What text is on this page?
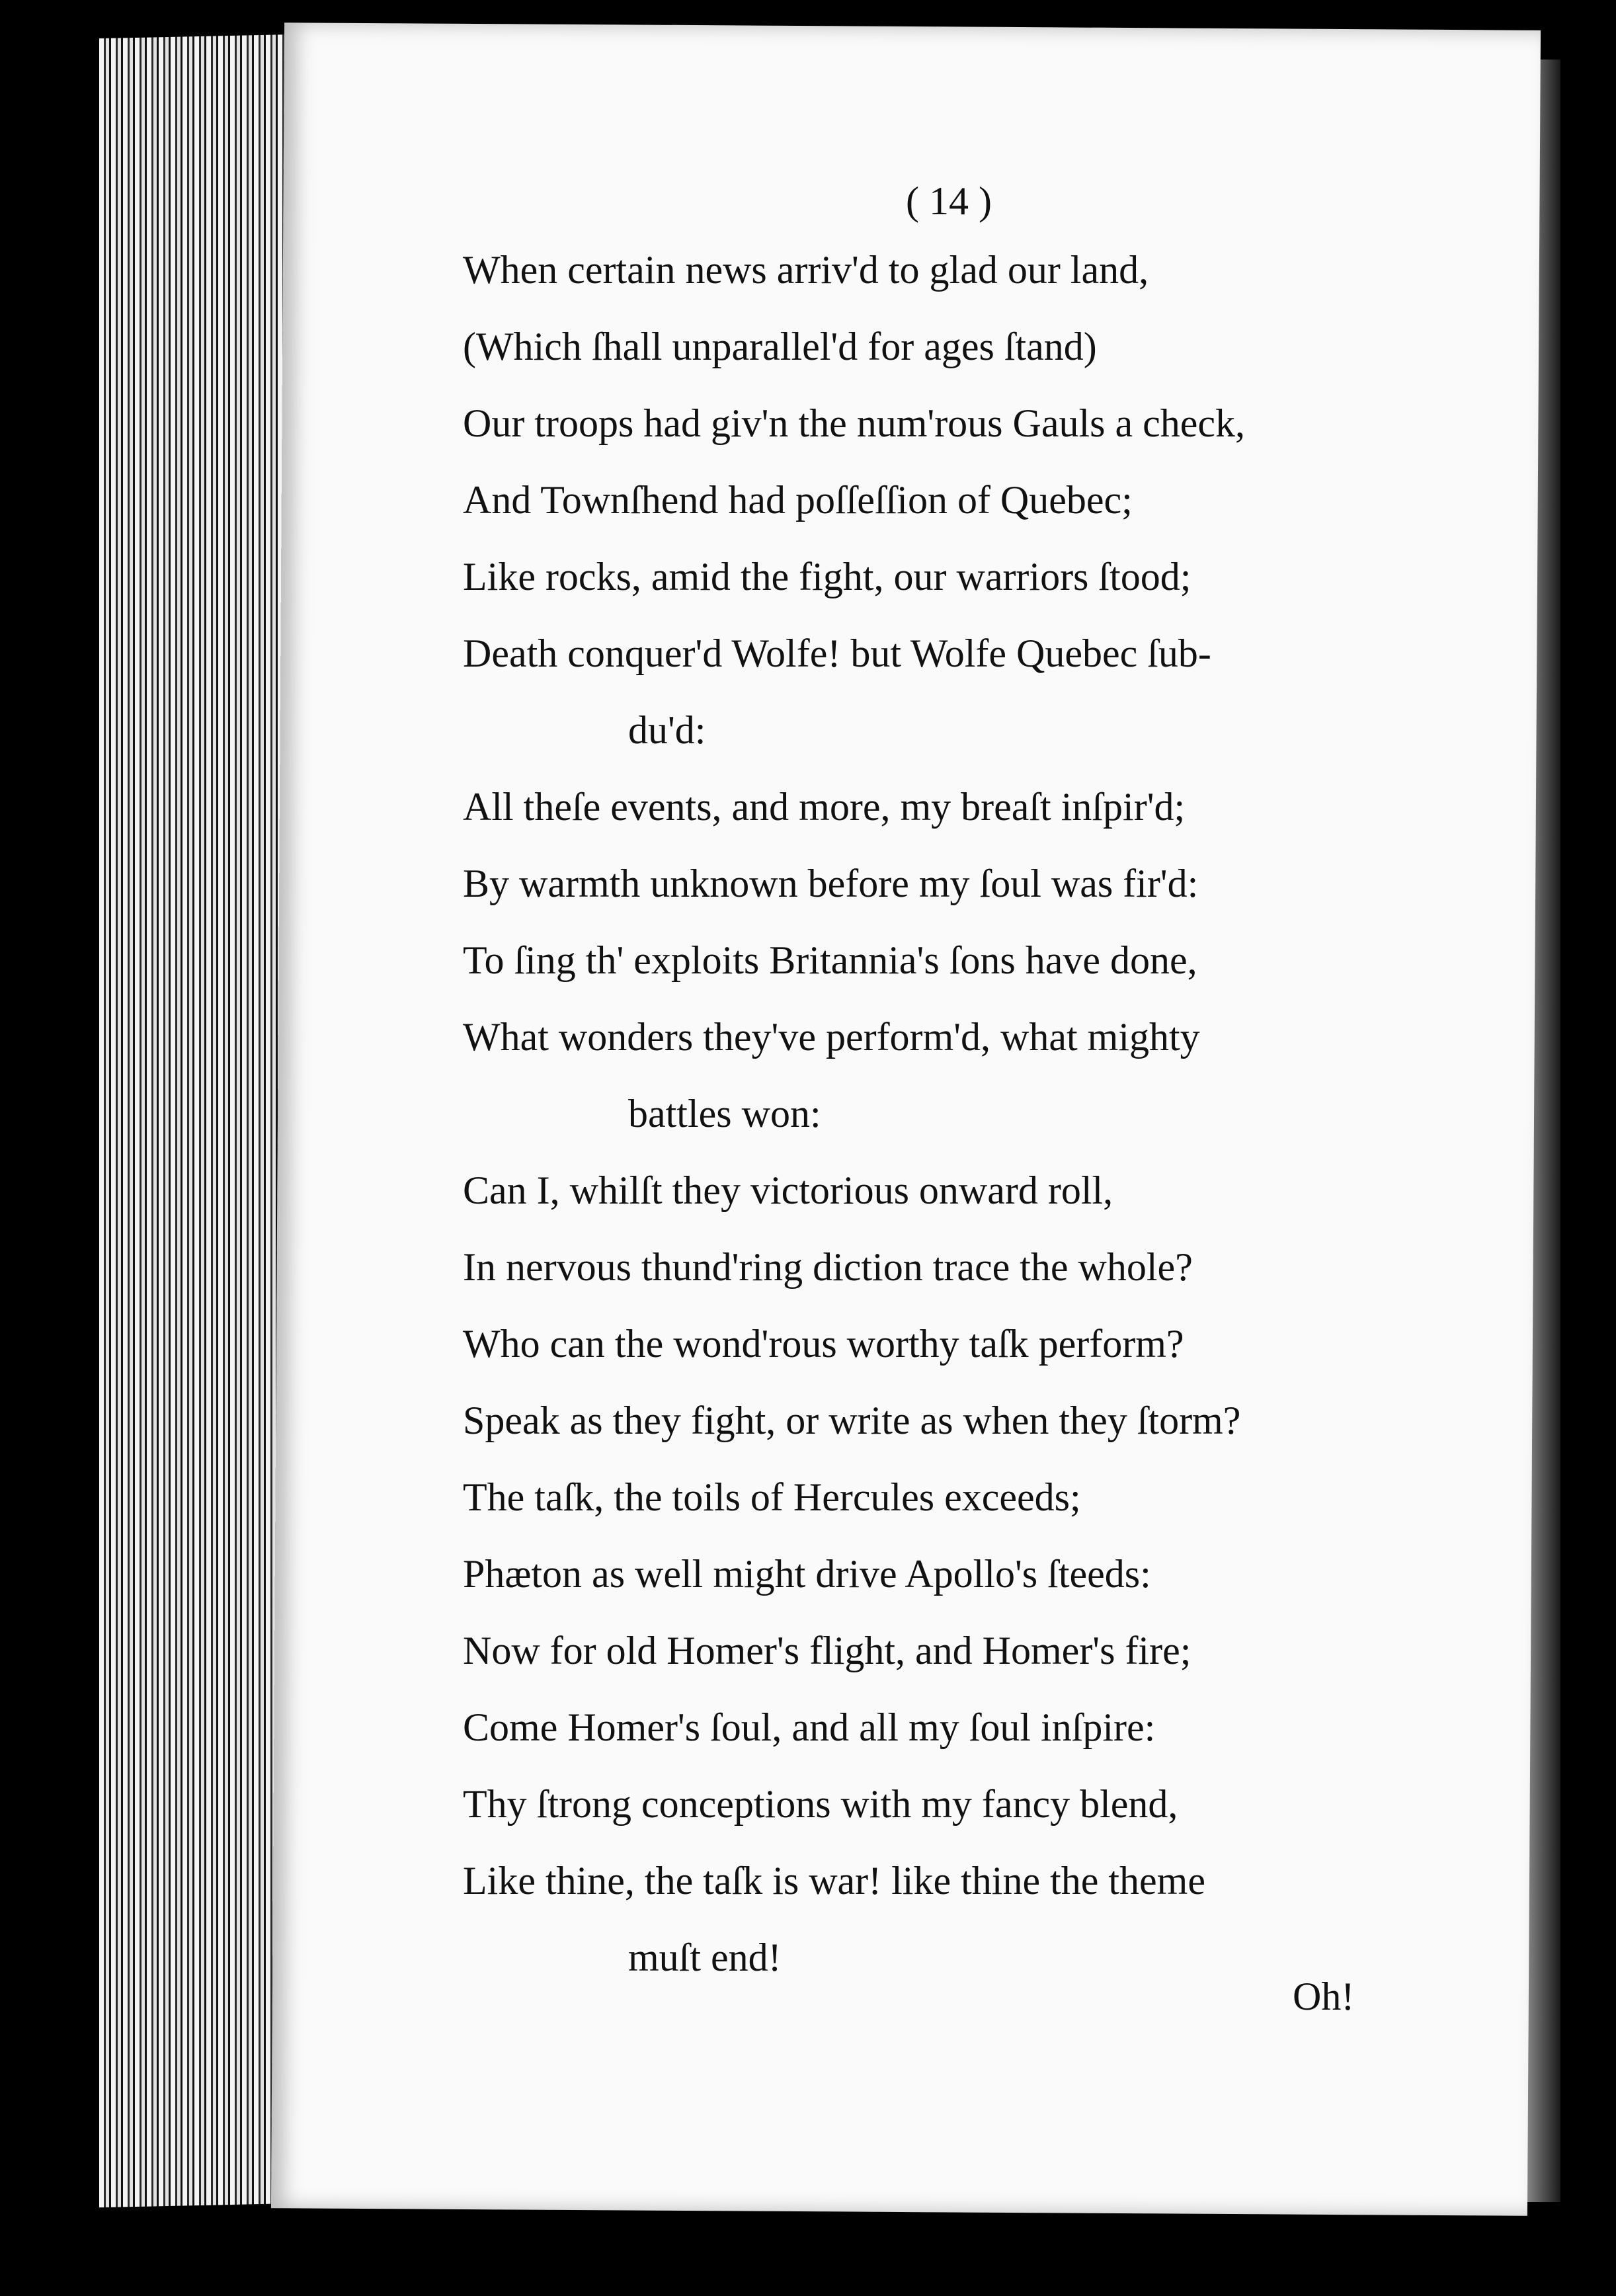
( 14 )
When certain news arriv'd to glad our land,
(Which ſhall unparallel'd for ages ſtand)
Our troops had giv'n the num'rous Gauls a check,
And Townſhend had poſſeſſion of Quebec;
Like rocks, amid the fight, our warriors ſtood;
Death conquer'd Wolfe! but Wolfe Quebec ſub-
du'd:
All theſe events, and more, my breaſt inſpir'd;
By warmth unknown before my ſoul was fir'd:
To ſing th' exploits Britannia's ſons have done,
What wonders they've perform'd, what mighty
battles won:
Can I, whilſt they victorious onward roll,
In nervous thund'ring diction trace the whole?
Who can the wond'rous worthy taſk perform?
Speak as they fight, or write as when they ſtorm?
The taſk, the toils of Hercules exceeds;
Phæton as well might drive Apollo's ſteeds:
Now for old Homer's flight, and Homer's fire;
Come Homer's ſoul, and all my ſoul inſpire:
Thy ſtrong conceptions with my fancy blend,
Like thine, the taſk is war! like thine the theme
muſt end!
Oh!
